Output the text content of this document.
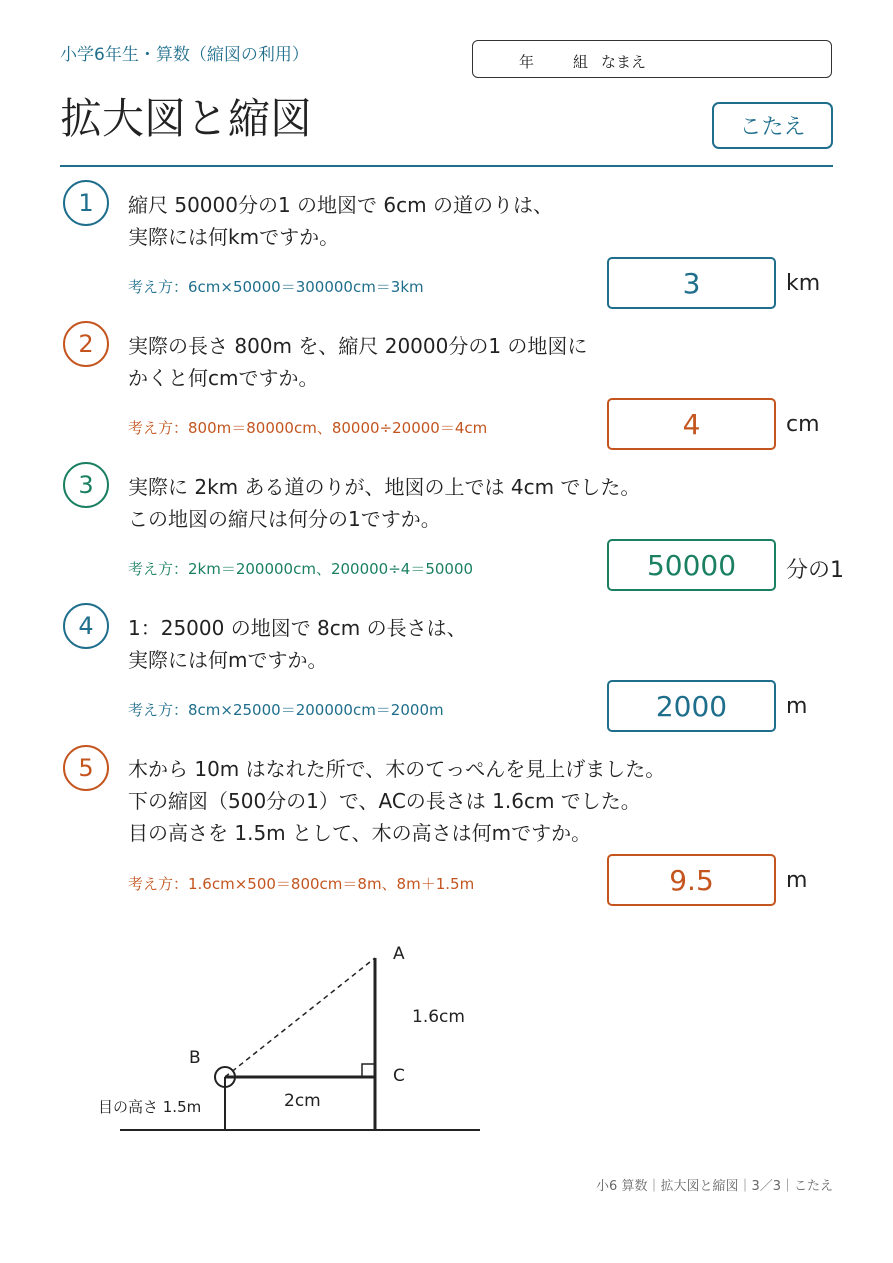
小学6年生・算数（縮図の利用）	年	組 なまえ
拡大図と縮図	こたえ
1	縮尺 50000分の1 の地図で 6cm の道のりは、
実際には何kmですか。
考え方：6cm×50000＝300000cm＝3km	3	km
2	実際の長さ 800m を、縮尺 20000分の1 の地図に
かくと何cmですか。
考え方：800m＝80000cm、80000÷20000＝4cm	4	cm
3	実際に 2km ある道のりが、地図の上では 4cm でした。
この地図の縮尺は何分の1ですか。
考え方：2km＝200000cm、200000÷4＝50000	50000	分の1
4	1：25000 の地図で 8cm の長さは、
実際には何mですか。
考え方：8cm×25000＝200000cm＝2000m	2000	m
5	木から 10m はなれた所で、木のてっぺんを見上げました。
下の縮図（500分の1）で、ACの長さは 1.6cm でした。
目の高さを 1.5m として、木の高さは何mですか。
考え方：1.6cm×500＝800cm＝8m、8m＋1.5m	9.5	m
A
B
C
1.6cm
2cm
目の高さ 1.5m
小6 算数｜拡大図と縮図｜3／3｜こたえ
